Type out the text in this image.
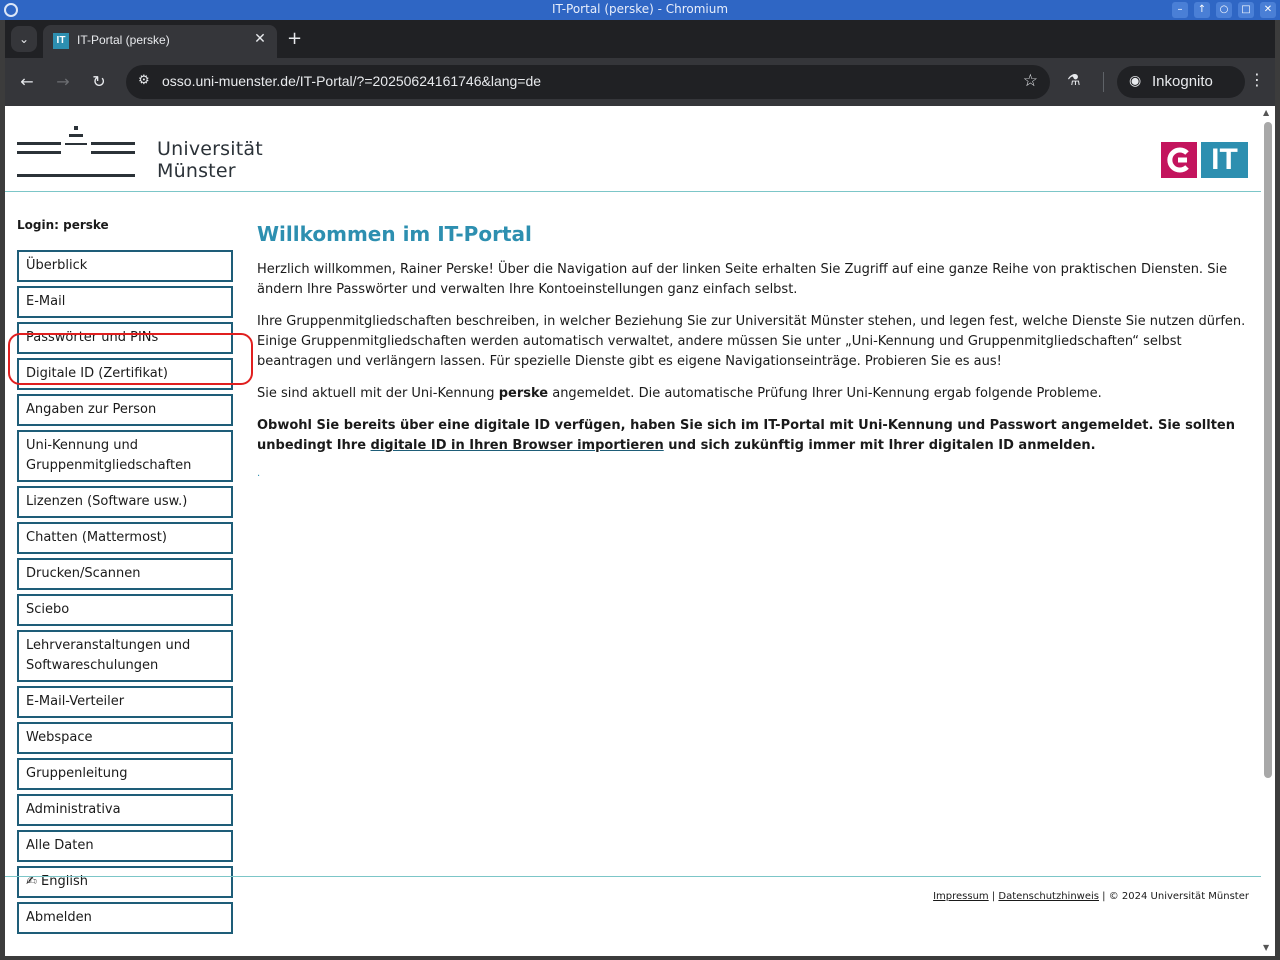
IT-Portal (perske) - Chromium	–	↑	○	□	✕
⌄	IT IT-Portal (perske)	✕ +
← → ↻ ⚙ osso.uni-muenster.de/IT-Portal/?=20250624161746&lang=de	☆ ⚗	◉ Inkognito ⋮
Universität
Münster	IT
Login: perske
Überblick
E-Mail
Passwörter und PINs
Digitale ID (Zertifikat)
Angaben zur Person
Uni-Kennung und Gruppenmitgliedschaften
Lizenzen (Software usw.)
Chatten (Mattermost)
Drucken/Scannen
Sciebo
Lehrveranstaltungen und Softwareschulungen
E-Mail-Verteiler
Webspace
Gruppenleitung
Administrativa
Alle Daten
✍ English
Abmelden
Willkommen im IT-Portal

Herzlich willkommen, Rainer Perske! Über die Navigation auf der linken Seite erhalten Sie Zugriff auf eine ganze Reihe von praktischen Diensten. Sie ändern Ihre Passwörter und verwalten Ihre Kontoeinstellungen ganz einfach selbst.

Ihre Gruppenmitgliedschaften beschreiben, in welcher Beziehung Sie zur Universität Münster stehen, und legen fest, welche Dienste Sie nutzen dürfen. Einige Gruppenmitgliedschaften werden automatisch verwaltet, andere müssen Sie unter „Uni-Kennung und Gruppenmitgliedschaften“ selbst beantragen und verlängern lassen. Für spezielle Dienste gibt es eigene Navigationseinträge. Probieren Sie es aus!

Sie sind aktuell mit der Uni-Kennung perske angemeldet. Die automatische Prüfung Ihrer Uni-Kennung ergab folgende Probleme.

Obwohl Sie bereits über eine digitale ID verfügen, haben Sie sich im IT-Portal mit Uni-Kennung und Passwort angemeldet. Sie sollten unbedingt Ihre digitale ID in Ihren Browser importieren und sich zukünftig immer mit Ihrer digitalen ID anmelden.

.
Impressum | Datenschutzhinweis | © 2024 Universität Münster
▲
▼
